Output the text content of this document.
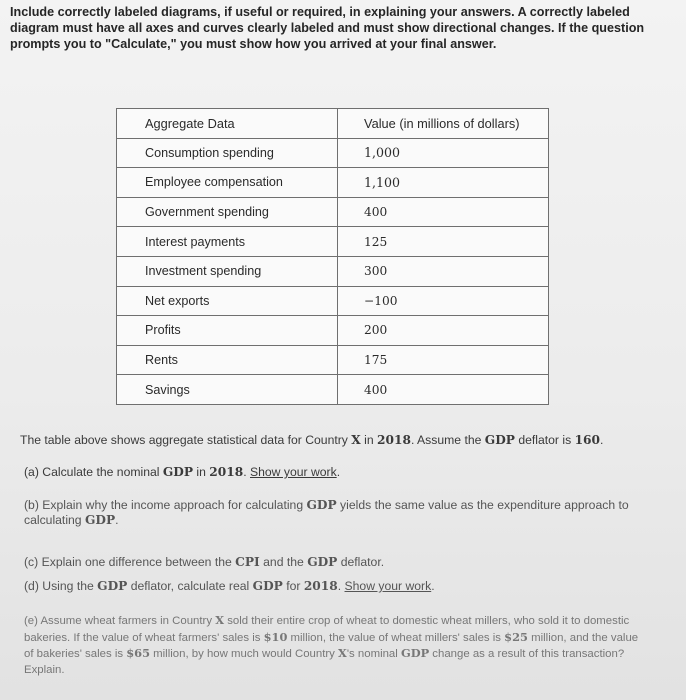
Include correctly labeled diagrams, if useful or required, in explaining your answers. A correctly labeled diagram must have all axes and curves clearly labeled and must show directional changes. If the question prompts you to "Calculate," you must show how you arrived at your final answer.
Aggregate Data	Value (in millions of dollars)
Consumption spending	1,000
Employee compensation	1,100
Government spending	400
Interest payments	125
Investment spending	300
Net exports	−100
Profits	200
Rents	175
Savings	400
The table above shows aggregate statistical data for Country X in 2018. Assume the GDP deflator is 160.
(a) Calculate the nominal GDP in 2018. Show your work.
(b) Explain why the income approach for calculating GDP yields the same value as the expenditure approach to calculating GDP.
(c) Explain one difference between the CPI and the GDP deflator.
(d) Using the GDP deflator, calculate real GDP for 2018. Show your work.
(e) Assume wheat farmers in Country X sold their entire crop of wheat to domestic wheat millers, who sold it to domestic bakeries. If the value of wheat farmers' sales is $10 million, the value of wheat millers' sales is $25 million, and the value of bakeries' sales is $65 million, by how much would Country X's nominal GDP change as a result of this transaction? Explain.
